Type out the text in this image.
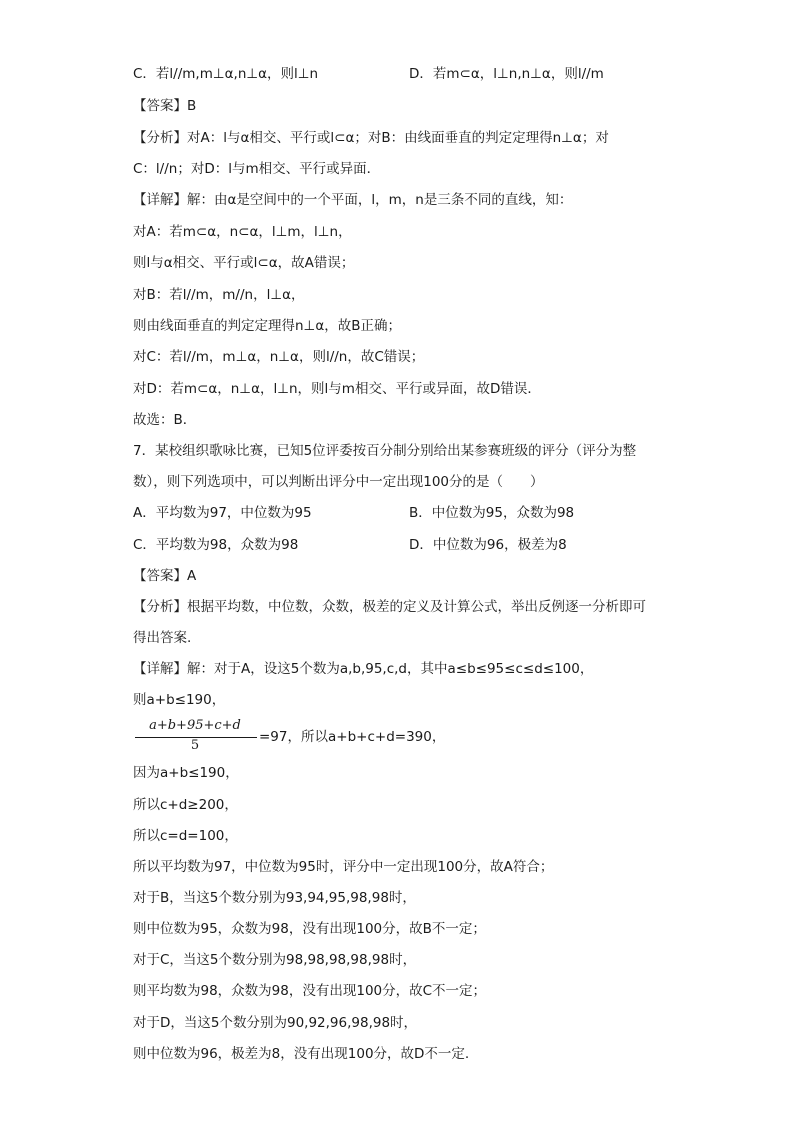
C．若l//m,m⊥α,n⊥α，则l⊥n	D．若m⊂α，l⊥n,n⊥α，则l//m
【答案】B
【分析】对A：l与α相交、平行或l⊂α；对B：由线面垂直的判定定理得n⊥α；对
C：l//n；对D：l与m相交、平行或异面．
【详解】解：由α是空间中的一个平面，l，m，n是三条不同的直线，知：
对A：若m⊂α，n⊂α，l⊥m，l⊥n，
则l与α相交、平行或l⊂α，故A错误；
对B：若l//m，m//n，l⊥α，
则由线面垂直的判定定理得n⊥α，故B正确；
对C：若l//m，m⊥α，n⊥α，则l//n，故C错误；
对D：若m⊂α，n⊥α，l⊥n，则l与m相交、平行或异面，故D错误．
故选：B．
7．某校组织歌咏比赛，已知5位评委按百分制分别给出某参赛班级的评分（评分为整
数），则下列选项中，可以判断出评分中一定出现100分的是（　　）
A．平均数为97，中位数为95	B．中位数为95，众数为98
C．平均数为98，众数为98	D．中位数为96，极差为8
【答案】A
【分析】根据平均数，中位数，众数，极差的定义及计算公式，举出反例逐一分析即可
得出答案.
【详解】解：对于A，设这5个数为a,b,95,c,d，其中a≤b≤95≤c≤d≤100，
则a+b≤190，
a+b+95+c+d
5
=97，所以a+b+c+d=390，
因为a+b≤190，
所以c+d≥200，
所以c=d=100，
所以平均数为97，中位数为95时，评分中一定出现100分，故A符合；
对于B，当这5个数分别为93,94,95,98,98时，
则中位数为95，众数为98，没有出现100分，故B不一定；
对于C，当这5个数分别为98,98,98,98,98时，
则平均数为98，众数为98，没有出现100分，故C不一定；
对于D，当这5个数分别为90,92,96,98,98时，
则中位数为96，极差为8，没有出现100分，故D不一定.
